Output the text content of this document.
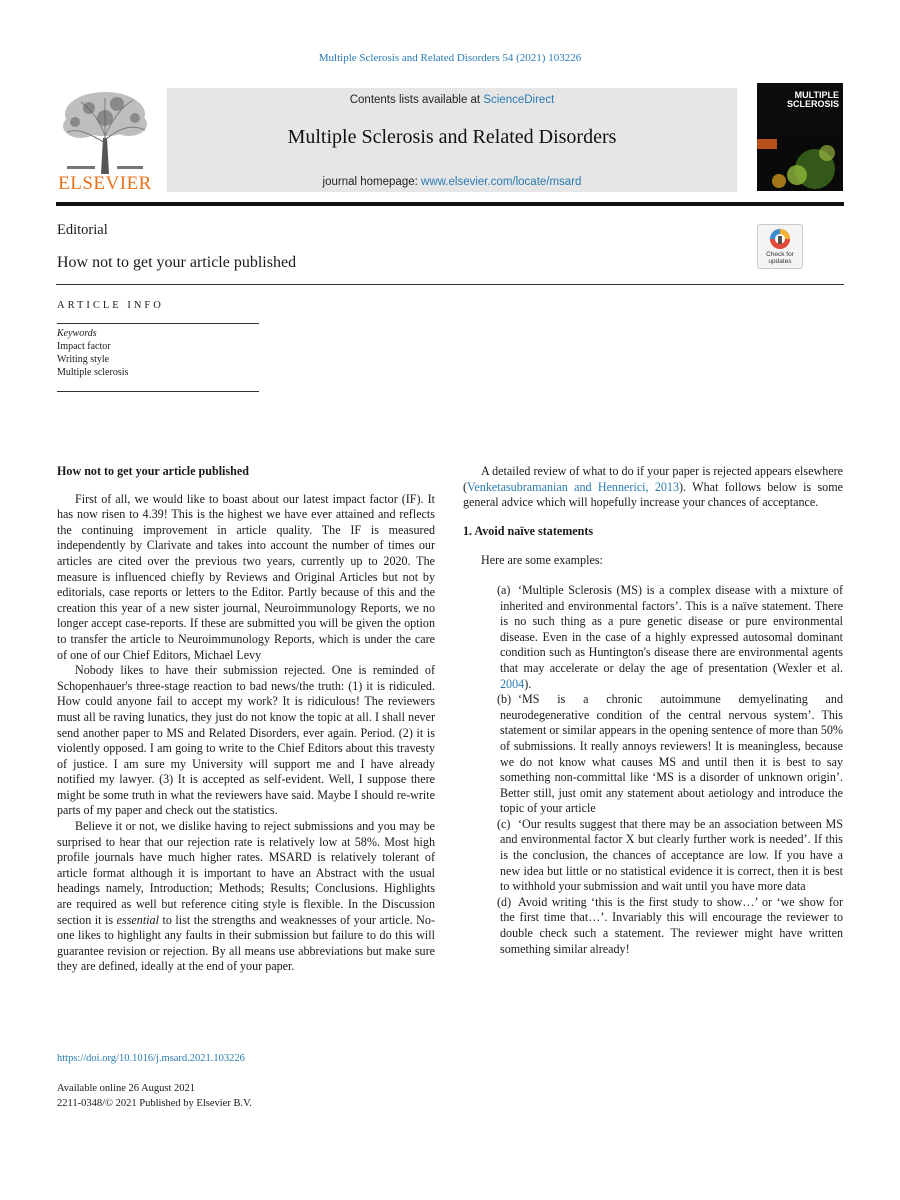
Multiple Sclerosis and Related Disorders 54 (2021) 103226
ELSEVIER
Contents lists available at ScienceDirect
Multiple Sclerosis and Related Disorders
journal homepage: www.elsevier.com/locate/msard
MULTIPLE SCLEROSIS
Editorial
How not to get your article published	Check for updates
ARTICLE INFO
Keywords
Impact factor
Writing style
Multiple sclerosis
How not to get your article published

First of all, we would like to boast about our latest impact factor (IF). It has now risen to 4.39! This is the highest we have ever attained and reflects the continuing improvement in article quality. The IF is measured independently by Clarivate and takes into account the number of times our articles are cited over the previous two years, currently up to 2020. The measure is influenced chiefly by Reviews and Original Articles but not by editorials, case reports or letters to the Editor. Partly because of this and the creation this year of a new sister journal, Neuroimmunology Reports, we no longer accept case-reports. If these are submitted you will be given the option to transfer the article to Neuroimmunology Reports, which is under the care of one of our Chief Editors, Michael Levy

Nobody likes to have their submission rejected. One is reminded of Schopenhauer's three-stage reaction to bad news/the truth: (1) it is ridiculed. How could anyone fail to accept my work? It is ridiculous! The reviewers must all be raving lunatics, they just do not know the topic at all. I shall never send another paper to MS and Related Disorders, ever again. Period. (2) it is violently opposed. I am going to write to the Chief Editors about this travesty of justice. I am sure my University will support me and I have already notified my lawyer. (3) It is accepted as self-evident. Well, I suppose there might be some truth in what the reviewers have said. Maybe I should re-write parts of my paper and check out the statistics.

Believe it or not, we dislike having to reject submissions and you may be surprised to hear that our rejection rate is relatively low at 58%. Most high profile journals have much higher rates. MSARD is relatively tolerant of article format although it is important to have an Abstract with the usual headings namely, Introduction; Methods; Results; Conclusions. Highlights are required as well but reference citing style is flexible. In the Discussion section it is essential to list the strengths and weaknesses of your article. No-one likes to highlight any faults in their submission but failure to do this will guarantee revision or rejection. By all means use abbreviations but make sure they are defined, ideally at the end of your paper.

A detailed review of what to do if your paper is rejected appears elsewhere (Venketasubramanian and Hennerici, 2013). What follows below is some general advice which will hopefully increase your chances of acceptance.

1. Avoid naïve statements
Here are some examples:

(a) ‘Multiple Sclerosis (MS) is a complex disease with a mixture of inherited and environmental factors’. This is a naïve statement. There is no such thing as a pure genetic disease or pure environmental disease. Even in the case of a highly expressed autosomal dominant condition such as Huntington's disease there are environmental agents that may accelerate or delay the age of presentation (Wexler et al. 2004).

(b) ‘MS is a chronic autoimmune demyelinating and neurodegenerative condition of the central nervous system’. This statement or similar appears in the opening sentence of more than 50% of submissions. It really annoys reviewers! It is meaningless, because we do not know what causes MS and until then it is best to say something non-committal like ‘MS is a disorder of unknown origin’. Better still, just omit any statement about aetiology and introduce the topic of your article

(c) ‘Our results suggest that there may be an association between MS and environmental factor X but clearly further work is needed’. If this is the conclusion, the chances of acceptance are low. If you have a new idea but little or no statistical evidence it is correct, then it is best to withhold your submission and wait until you have more data

(d) Avoid writing ‘this is the first study to show…’ or ‘we show for the first time that…’. Invariably this will encourage the reviewer to double check such a statement. The reviewer might have written something similar already!

https://doi.org/10.1016/j.msard.2021.103226
Available online 26 August 2021
2211-0348/© 2021 Published by Elsevier B.V.
